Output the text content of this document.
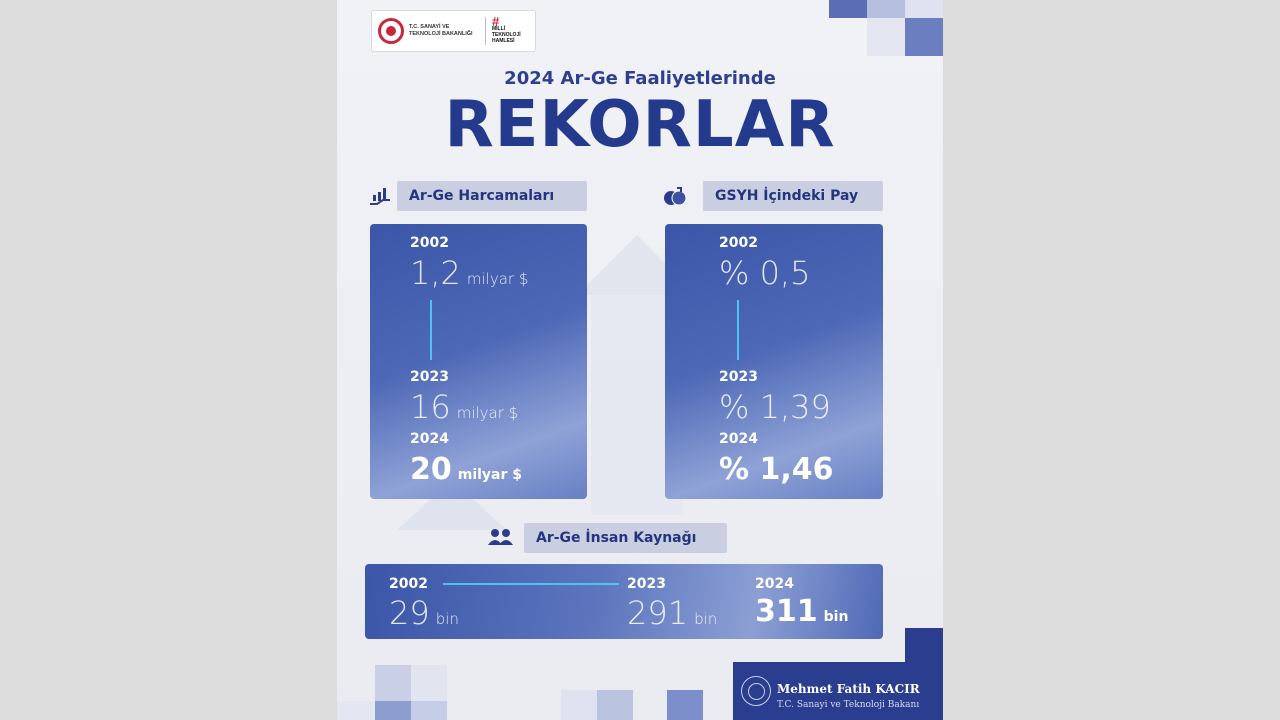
T.C. SANAYİ VE TEKNOLOJİ BAKANLIĞI
#
MİLLİ TEKNOLOJİ HAMLESİ
2024 Ar-Ge Faaliyetlerinde
REKORLAR
Ar-Ge Harcamaları	GSYH İçindeki Pay
2002
1,2 milyar $
2023
16 milyar $
2024
20 milyar $
2002
% 0,5
2023
% 1,39
2024
% 1,46
Ar-Ge İnsan Kaynağı
2002
29 bin
2023
291 bin
2024
311 bin
Mehmet Fatih KACIR
T.C. Sanayi ve Teknoloji Bakanı
